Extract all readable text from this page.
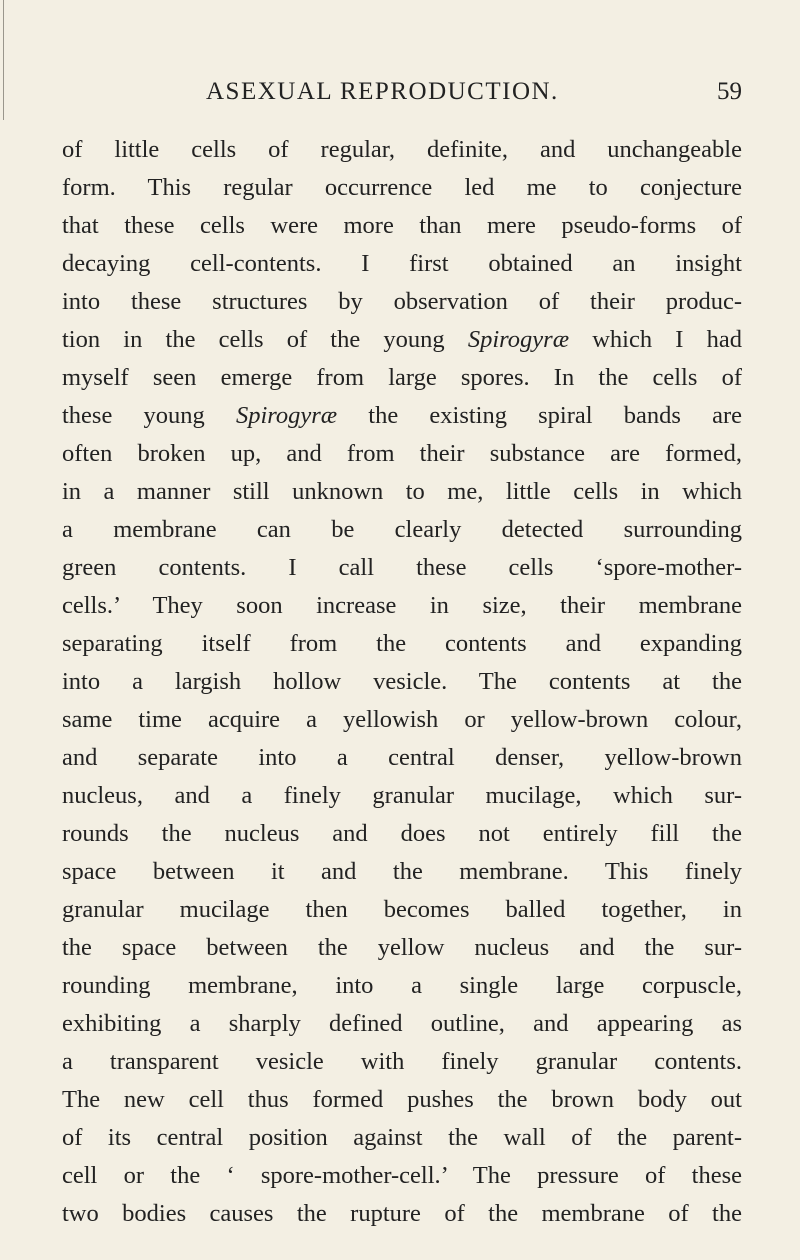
ASEXUAL REPRODUCTION.	59
of little cells of regular, definite, and unchangeable
form. This regular occurrence led me to conjecture
that these cells were more than mere pseudo-forms of
decaying cell-contents. I first obtained an insight
into these structures by observation of their produc-
tion in the cells of the young Spirogyræ which I had
myself seen emerge from large spores. In the cells of
these young Spirogyræ the existing spiral bands are
often broken up, and from their substance are formed,
in a manner still unknown to me, little cells in which
a membrane can be clearly detected surrounding
green contents. I call these cells ‘spore-mother-
cells.’ They soon increase in size, their membrane
separating itself from the contents and expanding
into a largish hollow vesicle. The contents at the
same time acquire a yellowish or yellow-brown colour,
and separate into a central denser, yellow-brown
nucleus, and a finely granular mucilage, which sur-
rounds the nucleus and does not entirely fill the
space between it and the membrane. This finely
granular mucilage then becomes balled together, in
the space between the yellow nucleus and the sur-
rounding membrane, into a single large corpuscle,
exhibiting a sharply defined outline, and appearing as
a transparent vesicle with finely granular contents.
The new cell thus formed pushes the brown body out
of its central position against the wall of the parent-
cell or the ‘ spore-mother-cell.’ The pressure of these
two bodies causes the rupture of the membrane of the
